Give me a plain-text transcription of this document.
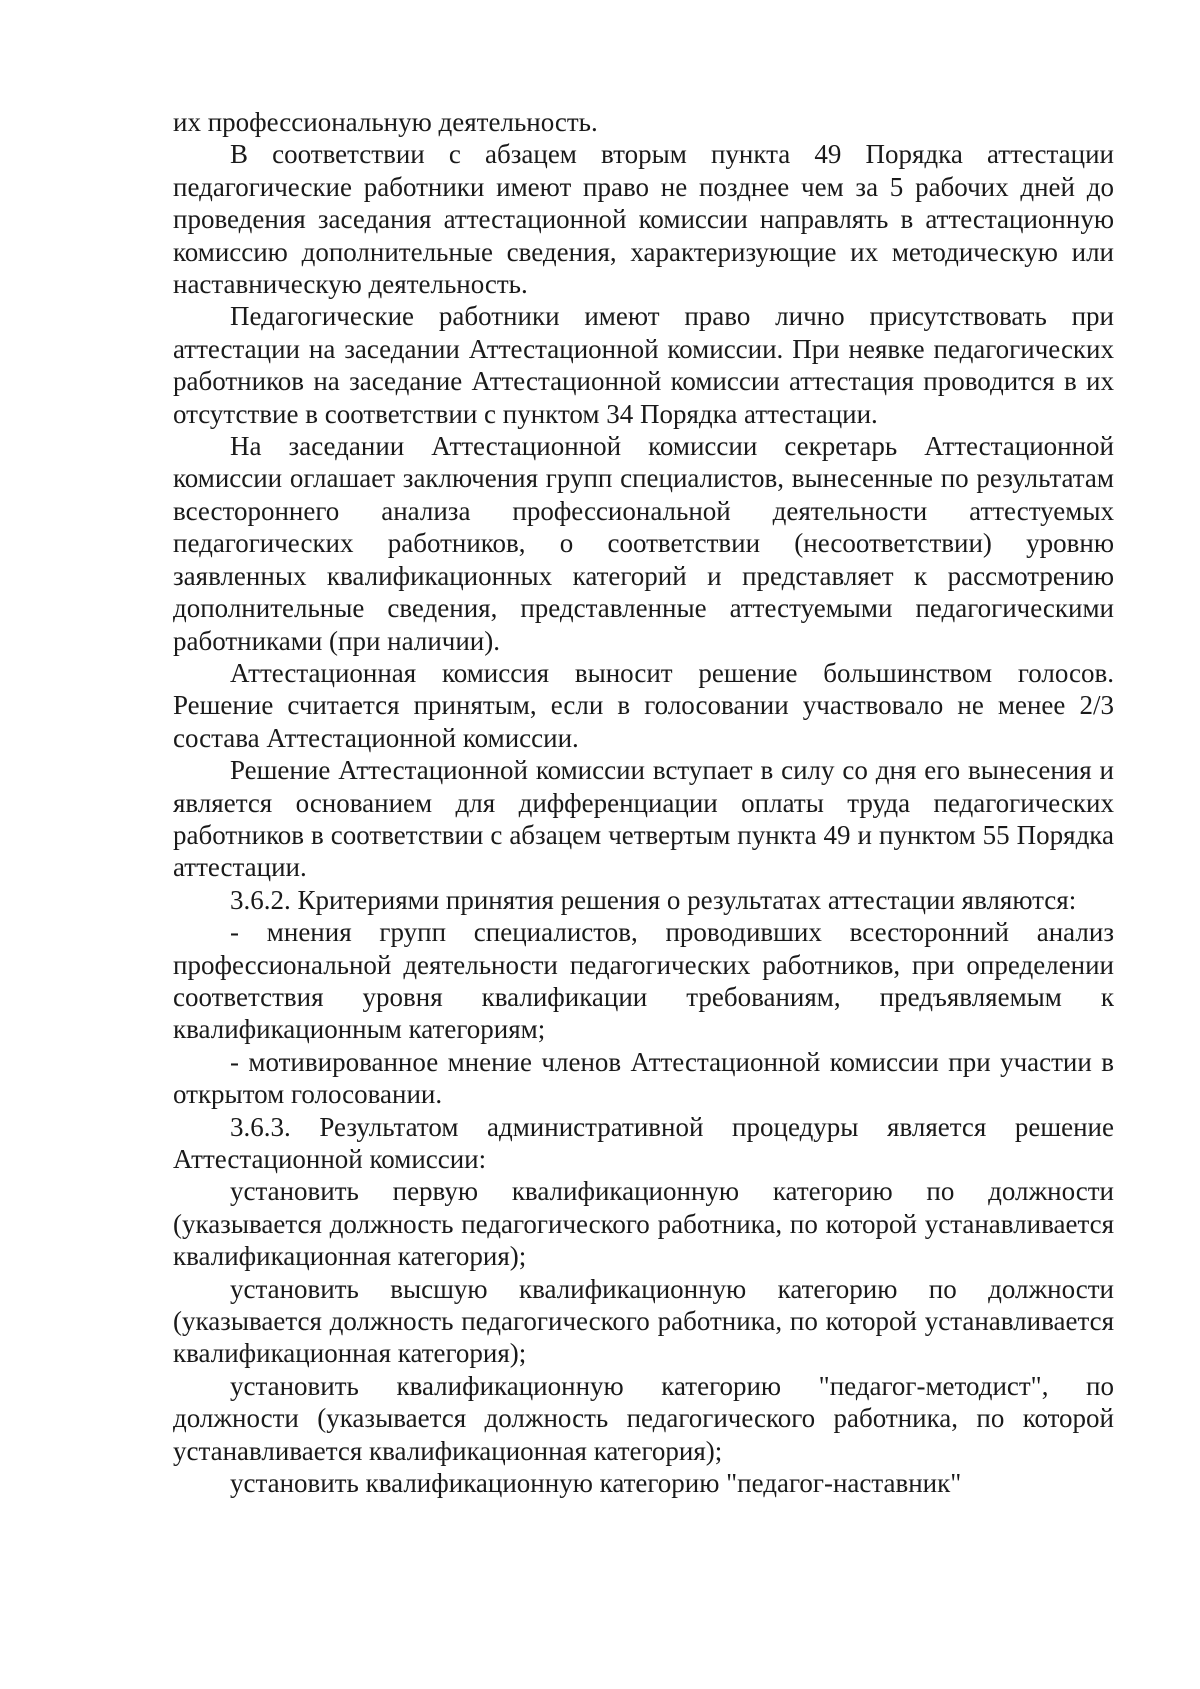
их профессиональную деятельность.

В соответствии с абзацем вторым пункта 49 Порядка аттестации педагогические работники имеют право не позднее чем за 5 рабочих дней до проведения заседания аттестационной комиссии направлять в аттестационную комиссию дополнительные сведения, характеризующие их методическую или наставническую деятельность.

Педагогические работники имеют право лично присутствовать при аттестации на заседании Аттестационной комиссии. При неявке педагогических работников на заседание Аттестационной комиссии аттестация проводится в их отсутствие в соответствии с пунктом 34 Порядка аттестации.

На заседании Аттестационной комиссии секретарь Аттестационной комиссии оглашает заключения групп специалистов, вынесенные по результатам всестороннего анализа профессиональной деятельности аттестуемых педагогических работников, о соответствии (несоответствии) уровню заявленных квалификационных категорий и представляет к рассмотрению дополнительные сведения, представленные аттестуемыми педагогическими работниками (при наличии).

Аттестационная комиссия выносит решение большинством голосов. Решение считается принятым, если в голосовании участвовало не менее 2/3 состава Аттестационной комиссии.

Решение Аттестационной комиссии вступает в силу со дня его вынесения и является основанием для дифференциации оплаты труда педагогических работников в соответствии с абзацем четвертым пункта 49 и пунктом 55 Порядка аттестации.

3.6.2. Критериями принятия решения о результатах аттестации являются:

- мнения групп специалистов, проводивших всесторонний анализ профессиональной деятельности педагогических работников, при определении соответствия уровня квалификации требованиям, предъявляемым к квалификационным категориям;

- мотивированное мнение членов Аттестационной комиссии при участии в открытом голосовании.

3.6.3. Результатом административной процедуры является решение Аттестационной комиссии:

установить первую квалификационную категорию по должности (указывается должность педагогического работника, по которой устанавливается квалификационная категория);

установить высшую квалификационную категорию по должности (указывается должность педагогического работника, по которой устанавливается квалификационная категория);

установить квалификационную категорию "педагог-методист", по должности (указывается должность педагогического работника, по которой устанавливается квалификационная категория);

установить квалификационную категорию "педагог-наставник"
